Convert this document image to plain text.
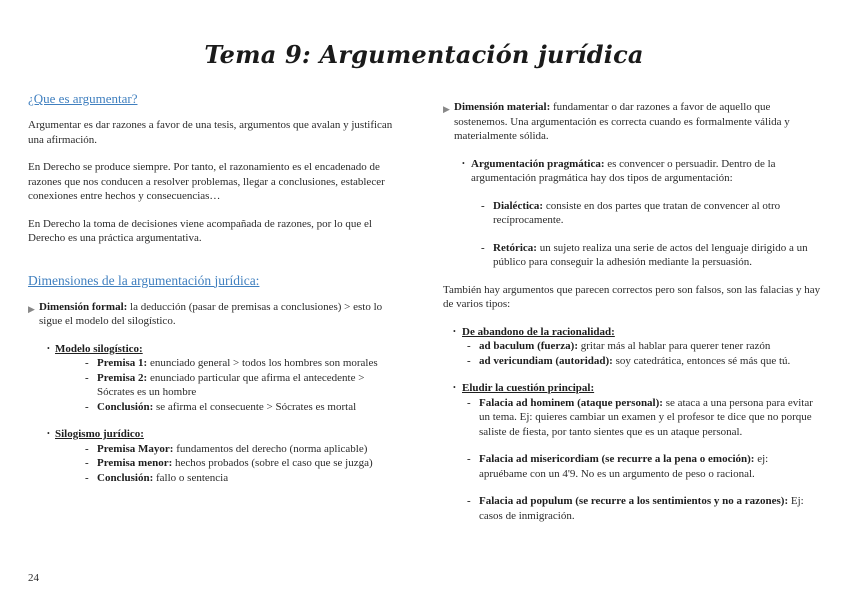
Tema 9: Argumentación jurídica

¿Que es argumentar?

Argumentar es dar razones a favor de una tesis, argumentos que avalan y justifican una afirmación.

En Derecho se produce siempre. Por tanto, el razonamiento es el encadenado de razones que nos conducen a resolver problemas, llegar a conclusiones, establecer conexiones entre hechos y consecuencias…

En Derecho la toma de decisiones viene acompañada de razones, por lo que el Derecho es una práctica argumentativa.

Dimensiones de la argumentación jurídica:

▶ Dimensión formal: la deducción (pasar de premisas a conclusiones) > esto lo sigue el modelo del silogístico.
• Modelo silogístico:
- Premisa 1: enunciado general > todos los hombres son morales
- Premisa 2: enunciado particular que afirma el antecedente > Sócrates es un hombre
- Conclusión: se afirma el consecuente > Sócrates es mortal
• Silogismo jurídico:
- Premisa Mayor: fundamentos del derecho (norma aplicable)
- Premisa menor: hechos probados (sobre el caso que se juzga)
- Conclusión: fallo o sentencia
▶ Dimensión material: fundamentar o dar razones a favor de aquello que sostenemos. Una argumentación es correcta cuando es formalmente válida y materialmente sólida.
• Argumentación pragmática: es convencer o persuadir. Dentro de la argumentación pragmática hay dos tipos de argumentación:
- Dialéctica: consiste en dos partes que tratan de convencer al otro recíprocamente.
- Retórica: un sujeto realiza una serie de actos del lenguaje dirigido a un público para conseguir la adhesión mediante la persuasión.

También hay argumentos que parecen correctos pero son falsos, son las falacias y hay de varios tipos:

• De abandono de la racionalidad:
- ad baculum (fuerza): gritar más al hablar para querer tener razón
- ad vericundiam (autoridad): soy catedrática, entonces sé más que tú.
• Eludir la cuestión principal:
- Falacia ad hominem (ataque personal): se ataca a una persona para evitar un tema. Ej: quieres cambiar un examen y el profesor te dice que no porque saliste de fiesta, por tanto sientes que es un ataque personal.
- Falacia ad misericordiam (se recurre a la pena o emoción): ej: apruébame con un 4'9. No es un argumento de peso o racional.
- Falacia ad populum (se recurre a los sentimientos y no a razones): Ej: casos de inmigración.
24
